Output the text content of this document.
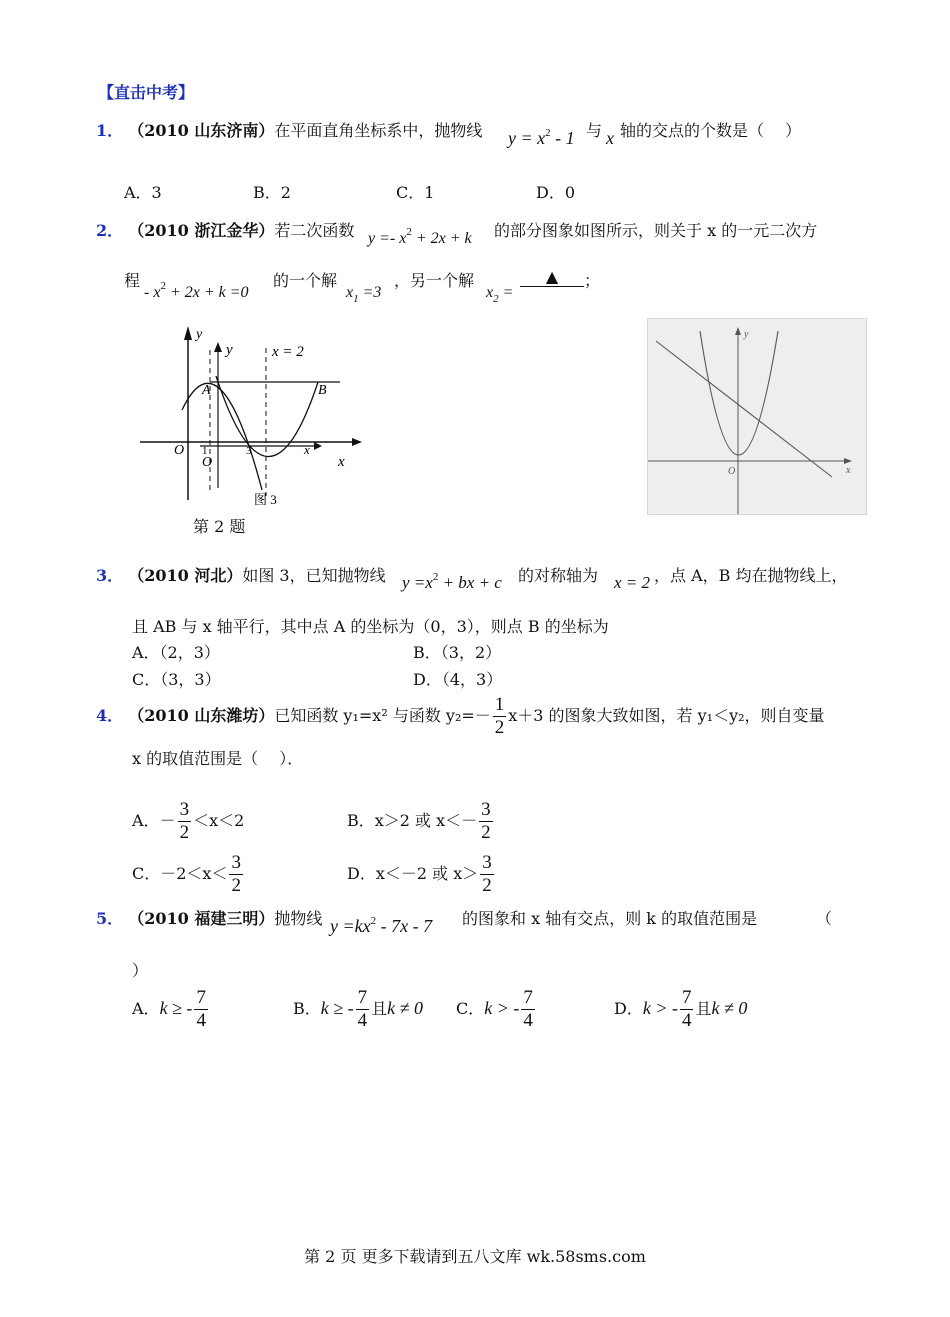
【直击中考】
1． （2010 山东济南）在平面直角坐标系中，抛物线 $y = x^2 - 1$ 与 x 轴的交点的个数是（　 ）
A．3	B．2	C．1	D．0
2． （2010 浙江金华）若二次函数 $y =- x^2 + 2x + k$ 的部分图象如图所示，则关于 x 的一元二次方
程
- $x^2 + 2x + k =0$
的一个解
$x_1 =3$
，另一个解
$x_2$ =
▲ ；
y
y	x = 2
A	B
O
O
1	3	x
x
图 3
第 2 题
O
y
x
3． （2010 河北）如图 3，已知抛物线 $y =x^2$ + bx + c 的对称轴为 x = 2 ，点 A，B 均在抛物线上，
且 AB 与 x 轴平行，其中点 A 的坐标为（0，3），则点 B 的坐标为
A．（2，3）	B．（3，2）
C．（3，3）	D．（4，3）
4． （2010 山东潍坊）已知函数 y₁=x² 与函数 $y_2=- \frac{1}{2} x+3$ 的图象大致如图，若 y₁＜y₂，则自变量
x 的取值范围是（　 ）．
A．－ $\frac{3}{2} <x<2$	B．x＞2 或 $x<- \frac{3}{2}$
C．$-2<x< \frac{3}{2}$	D．x＜－2 或 $x> \frac{3}{2}$
5． （2010 福建三明）抛物线 $y =kx^2 - 7x - 7$ 的图象和 x 轴有交点，则 k 的取值范围是	（
）
A．k ≥ - $\frac{7}{4}$	B．k ≥ - $\frac{7}{4}$ 且k ≠ 0 C．k > - $\frac{7}{4}$	D．k > - $\frac{7}{4}$ 且k ≠ 0
第 2 页 更多下载请到五八文库 wk.58sms.com
